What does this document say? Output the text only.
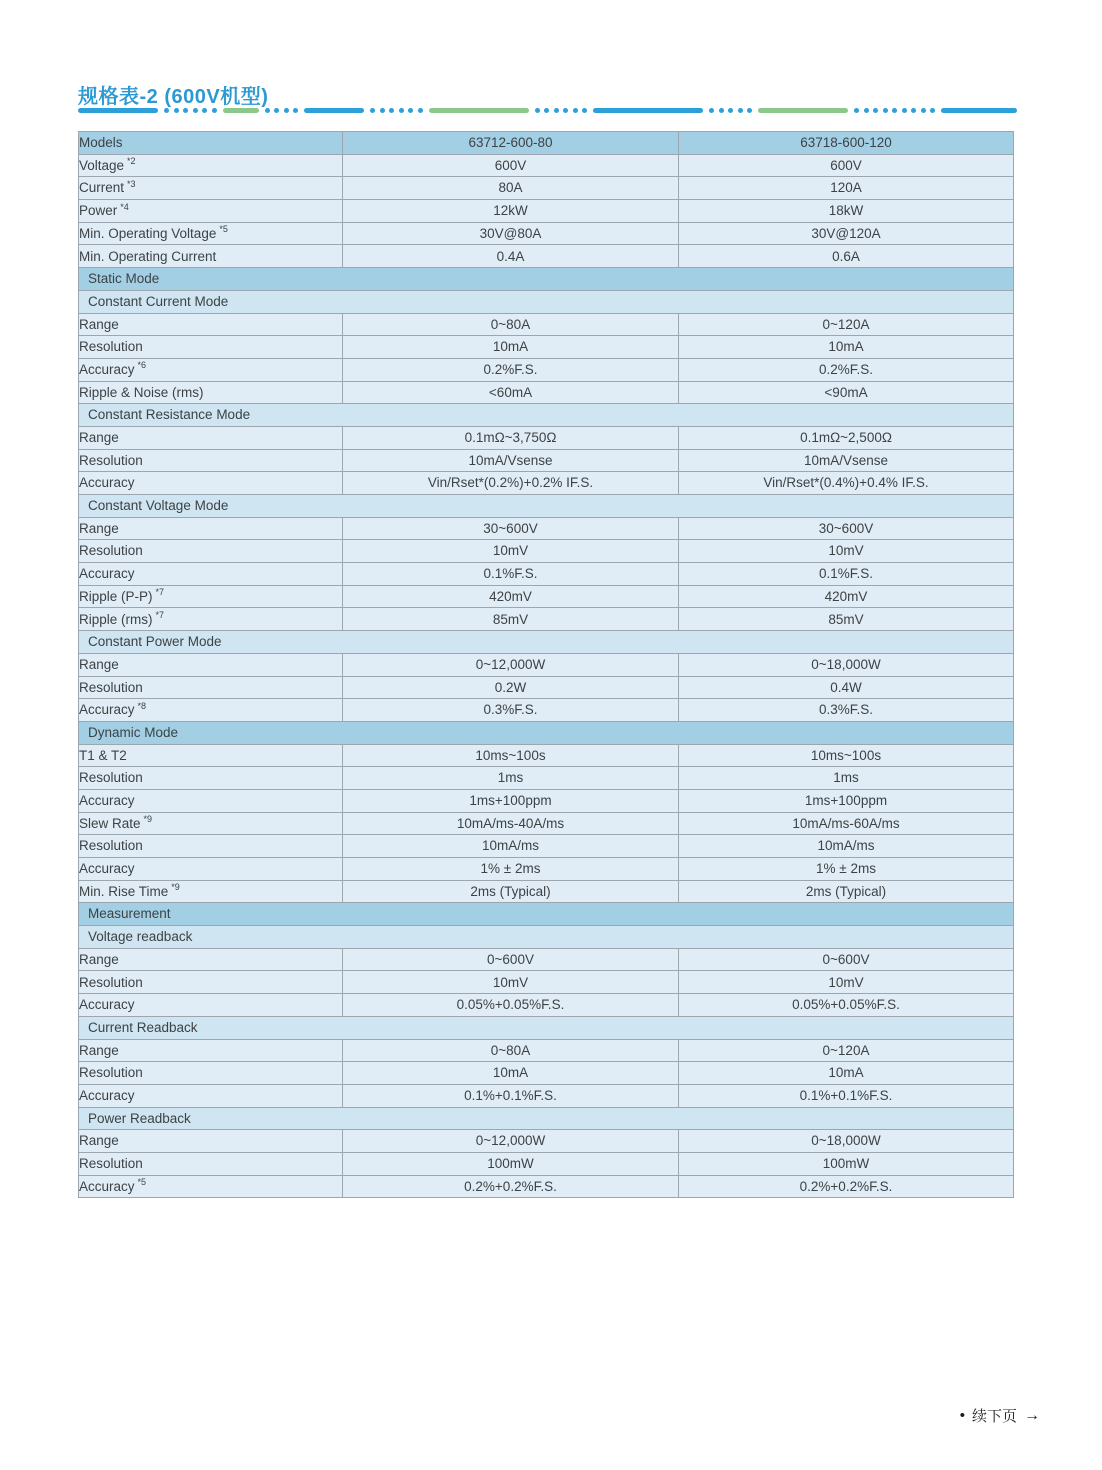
规格表-2 (600V机型)
Models	63712-600-80	63718-600-120
Voltage $^{*2}$	600V	600V
Current $^{*3}$	80A	120A
Power $^{*4}$	12kW	18kW
Min. Operating Voltage $^{*5}$	30V@80A	30V@120A
Min. Operating Current	0.4A	0.6A
Static Mode		
Constant Current Mode		
Range	0~80A	0~120A
Resolution	10mA	10mA
Accuracy $^{*6}$	0.2%F.S.	0.2%F.S.
Ripple & Noise (rms)	<60mA	<90mA
Constant Resistance Mode		
Range	0.1mΩ~3,750Ω	0.1mΩ~2,500Ω
Resolution	10mA/Vsense	10mA/Vsense
Accuracy	Vin/Rset*(0.2%)+0.2% IF.S.	Vin/Rset*(0.4%)+0.4% IF.S.
Constant Voltage Mode		
Range	30~600V	30~600V
Resolution	10mV	10mV
Accuracy	0.1%F.S.	0.1%F.S.
Ripple (P-P) $^{*7}$	420mV	420mV
Ripple (rms) $^{*7}$	85mV	85mV
Constant Power Mode		
Range	0~12,000W	0~18,000W
Resolution	0.2W	0.4W
Accuracy $^{*8}$	0.3%F.S.	0.3%F.S.
Dynamic Mode		
T1 & T2	10ms~100s	10ms~100s
Resolution	1ms	1ms
Accuracy	1ms+100ppm	1ms+100ppm
Slew Rate $^{*9}$	10mA/ms-40A/ms	10mA/ms-60A/ms
Resolution	10mA/ms	10mA/ms
Accuracy	1% ± 2ms	1% ± 2ms
Min. Rise Time $^{*9}$	2ms (Typical)	2ms (Typical)
Measurement		
Voltage readback		
Range	0~600V	0~600V
Resolution	10mV	10mV
Accuracy	0.05%+0.05%F.S.	0.05%+0.05%F.S.
Current Readback		
Range	0~80A	0~120A
Resolution	10mA	10mA
Accuracy	0.1%+0.1%F.S.	0.1%+0.1%F.S.
Power Readback		
Range	0~12,000W	0~18,000W
Resolution	100mW	100mW
Accuracy $^{*5}$	0.2%+0.2%F.S.	0.2%+0.2%F.S.
• 续下页 →
